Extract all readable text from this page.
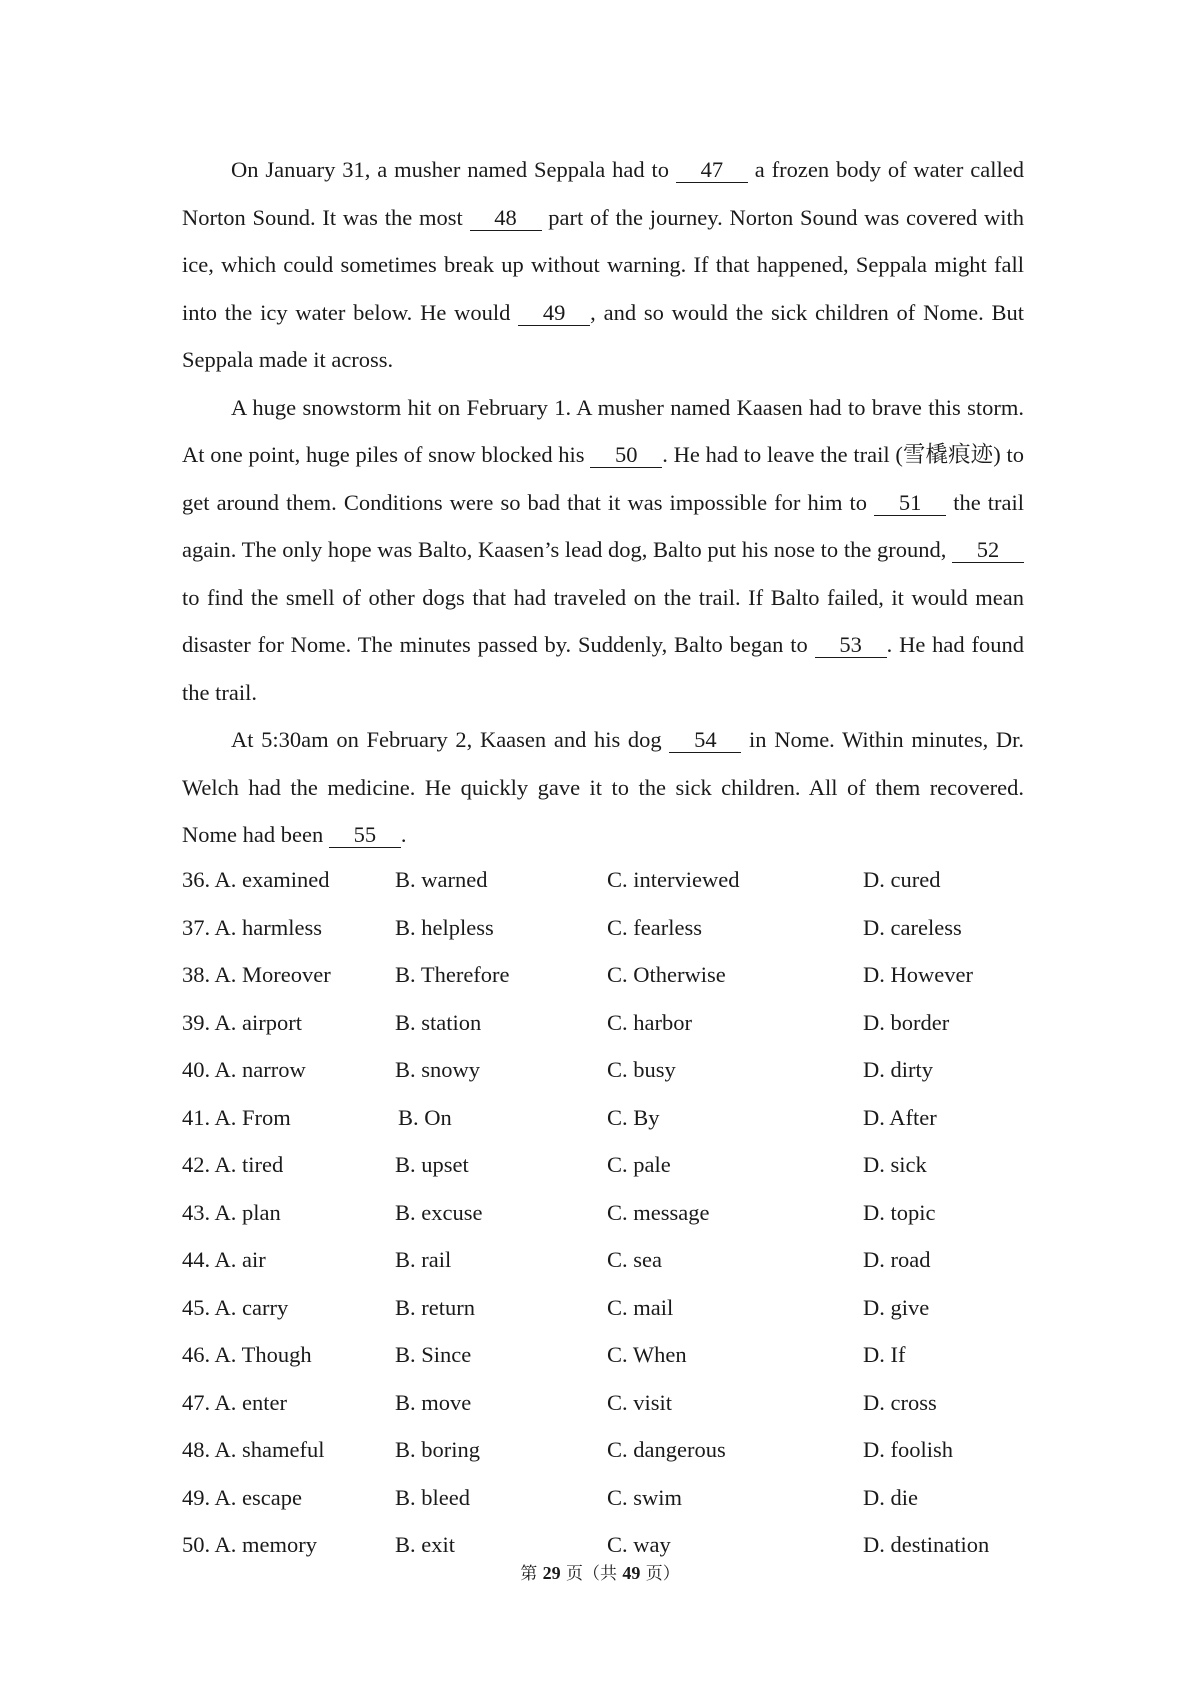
On January 31, a musher named Seppala had to 47 a frozen body of water called Norton Sound. It was the most 48 part of the journey. Norton Sound was covered with ice, which could sometimes break up without warning. If that happened, Seppala might fall into the icy water below. He would 49 , and so would the sick children of Nome. But Seppala made it across.

A huge snowstorm hit on February 1. A musher named Kaasen had to brave this storm. At one point, huge piles of snow blocked his 50 . He had to leave the trail (雪橇痕迹) to get around them. Conditions were so bad that it was impossible for him to 51 the trail again. The only hope was Balto, Kaasen’s lead dog, Balto put his nose to the ground, 52 to find the smell of other dogs that had traveled on the trail. If Balto failed, it would mean disaster for Nome. The minutes passed by. Suddenly, Balto began to 53 . He had found the trail.

At 5:30am on February 2, Kaasen and his dog 54 in Nome. Within minutes, Dr. Welch had the medicine. He quickly gave it to the sick children. All of them recovered. Nome had been 55 .

36. A. examined	B. warned	C. interviewed	D. cured
37. A. harmless	B. helpless	C. fearless	D. careless
38. A. Moreover	B. Therefore	C. Otherwise	D. However
39. A. airport	B. station	C. harbor	D. border
40. A. narrow	B. snowy	C. busy	D. dirty
41. A. From	B. On	C. By	D. After
42. A. tired	B. upset	C. pale	D. sick
43. A. plan	B. excuse	C. message	D. topic
44. A. air	B. rail	C. sea	D. road
45. A. carry	B. return	C. mail	D. give
46. A. Though	B. Since	C. When	D. If
47. A. enter	B. move	C. visit	D. cross
48. A. shameful	B. boring	C. dangerous	D. foolish
49. A. escape	B. bleed	C. swim	D. die
50. A. memory	B. exit	C. way	D. destination
第 29 页（共 49 页）
